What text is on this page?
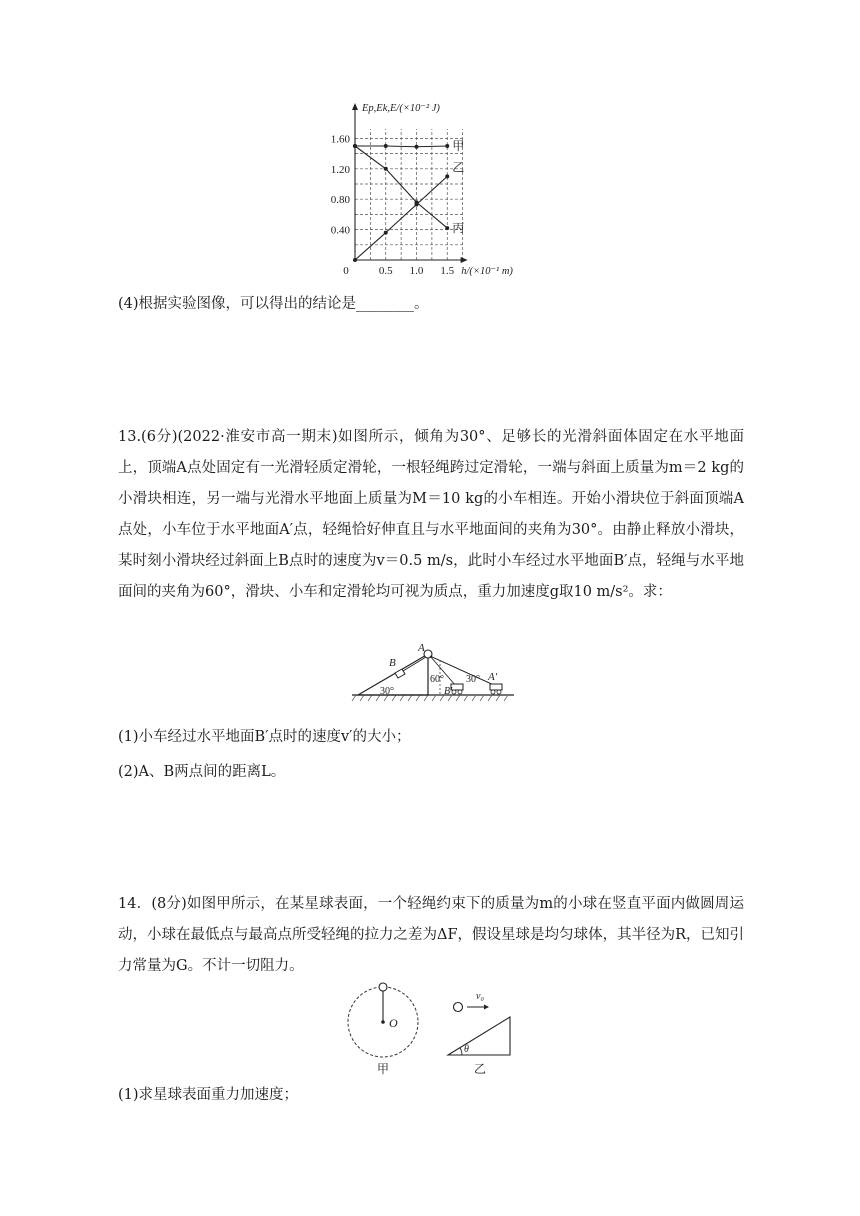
0.5 1.0 1.5
0.40
0.80
1.20
1.60
0
Ep,Ek,E/(×10⁻² J)
h/(×10⁻¹ m)
甲
乙
丙
(4)根据实验图像，可以得出的结论是________。
13.(6分)(2022·淮安市高一期末)如图所示，倾角为30°、足够长的光滑斜面体固定在水平地面上，顶端A点处固定有一光滑轻质定滑轮，一根轻绳跨过定滑轮，一端与斜面上质量为m＝2 kg的小滑块相连，另一端与光滑水平地面上质量为M＝10 kg的小车相连。开始小滑块位于斜面顶端A点处，小车位于水平地面A′点，轻绳恰好伸直且与水平地面间的夹角为30°。由静止释放小滑块，某时刻小滑块经过斜面上B点时的速度为v＝0.5 m/s，此时小车经过水平地面B′点，轻绳与水平地面间的夹角为60°，滑块、小车和定滑轮均可视为质点，重力加速度g取10 m/s²。求：
A
B
A′
B′
30°
60° 30°
(1)小车经过水平地面B′点时的速度v′的大小；
(2)A、B两点间的距离L。
14．(8分)如图甲所示，在某星球表面，一个轻绳约束下的质量为m的小球在竖直平面内做圆周运动，小球在最低点与最高点所受轻绳的拉力之差为ΔF，假设星球是均匀球体，其半径为R，已知引力常量为G。不计一切阻力。
O
甲
v₀
θ
乙
(1)求星球表面重力加速度；
